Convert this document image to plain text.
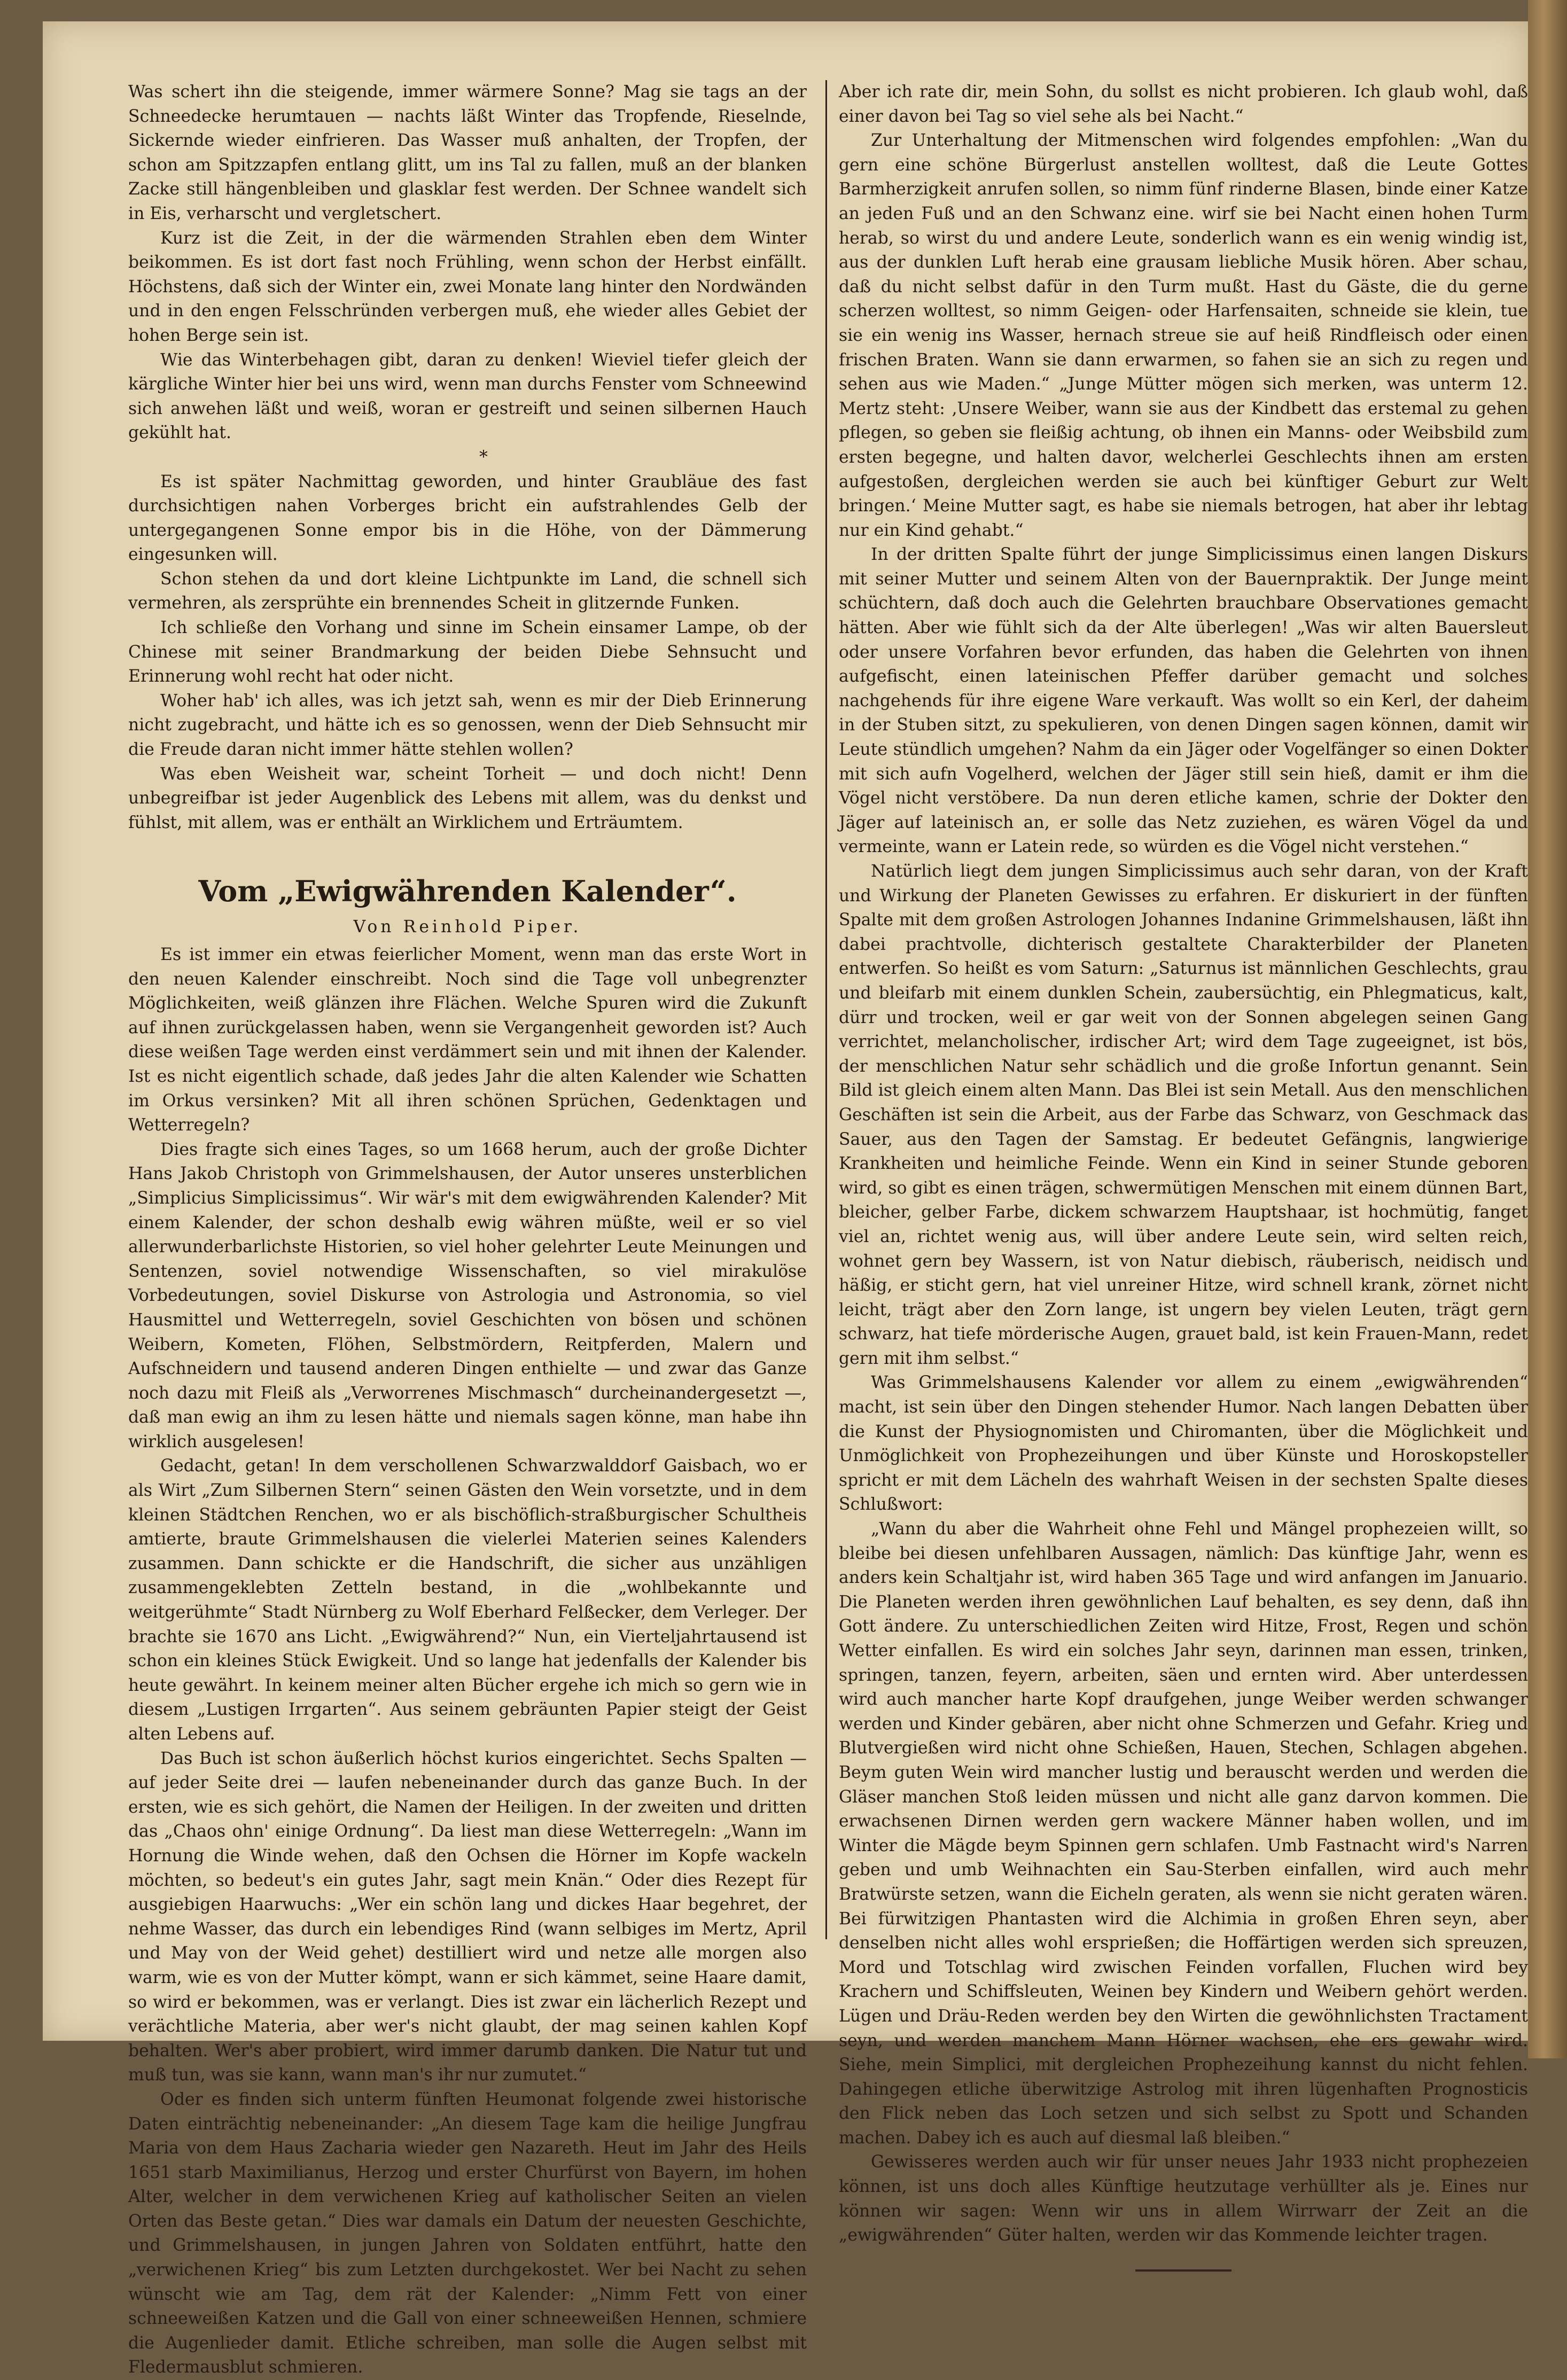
Was schert ihn die steigende, immer wärmere Sonne? Mag sie tags an der Schneedecke herumtauen — nachts läßt Winter das Tropfende, Rieselnde, Sickernde wieder einfrieren. Das Wasser muß anhalten, der Tropfen, der schon am Spitzzapfen entlang glitt, um ins Tal zu fallen, muß an der blanken Zacke still hängenbleiben und glasklar fest werden. Der Schnee wandelt sich in Eis, verharscht und vergletschert.

Kurz ist die Zeit, in der die wärmenden Strahlen eben dem Winter beikommen. Es ist dort fast noch Frühling, wenn schon der Herbst einfällt. Höchstens, daß sich der Winter ein, zwei Monate lang hinter den Nordwänden und in den engen Felsschründen verbergen muß, ehe wieder alles Gebiet der hohen Berge sein ist.

Wie das Winterbehagen gibt, daran zu denken! Wieviel tiefer gleich der kärgliche Winter hier bei uns wird, wenn man durchs Fenster vom Schneewind sich anwehen läßt und weiß, woran er gestreift und seinen silbernen Hauch gekühlt hat.

*

Es ist später Nachmittag geworden, und hinter Graubläue des fast durchsichtigen nahen Vorberges bricht ein aufstrahlendes Gelb der untergegangenen Sonne empor bis in die Höhe, von der Dämmerung eingesunken will.

Schon stehen da und dort kleine Lichtpunkte im Land, die schnell sich vermehren, als zersprühte ein brennendes Scheit in glitzernde Funken.

Ich schließe den Vorhang und sinne im Schein einsamer Lampe, ob der Chinese mit seiner Brandmarkung der beiden Diebe Sehnsucht und Erinnerung wohl recht hat oder nicht.

Woher hab' ich alles, was ich jetzt sah, wenn es mir der Dieb Erinnerung nicht zugebracht, und hätte ich es so genossen, wenn der Dieb Sehnsucht mir die Freude daran nicht immer hätte stehlen wollen?

Was eben Weisheit war, scheint Torheit — und doch nicht! Denn unbegreifbar ist jeder Augenblick des Lebens mit allem, was du denkst und fühlst, mit allem, was er enthält an Wirklichem und Erträumtem.

Vom „Ewigwährenden Kalender“.
Von Reinhold Piper.

Es ist immer ein etwas feierlicher Moment, wenn man das erste Wort in den neuen Kalender einschreibt. Noch sind die Tage voll unbegrenzter Möglichkeiten, weiß glänzen ihre Flächen. Welche Spuren wird die Zukunft auf ihnen zurückgelassen haben, wenn sie Vergangenheit geworden ist? Auch diese weißen Tage werden einst verdämmert sein und mit ihnen der Kalender. Ist es nicht eigentlich schade, daß jedes Jahr die alten Kalender wie Schatten im Orkus versinken? Mit all ihren schönen Sprüchen, Gedenktagen und Wetterregeln?

Dies fragte sich eines Tages, so um 1668 herum, auch der große Dichter Hans Jakob Christoph von Grimmelshausen, der Autor unseres unsterblichen „Simplicius Simplicissimus“. Wir wär's mit dem ewigwährenden Kalender? Mit einem Kalender, der schon deshalb ewig währen müßte, weil er so viel allerwunderbarlichste Historien, so viel hoher gelehrter Leute Meinungen und Sentenzen, soviel notwendige Wissenschaften, so viel mirakulöse Vorbedeutungen, soviel Diskurse von Astrologia und Astronomia, so viel Hausmittel und Wetterregeln, soviel Geschichten von bösen und schönen Weibern, Kometen, Flöhen, Selbstmördern, Reitpferden, Malern und Aufschneidern und tausend anderen Dingen enthielte — und zwar das Ganze noch dazu mit Fleiß als „Verworrenes Mischmasch“ durcheinandergesetzt —, daß man ewig an ihm zu lesen hätte und niemals sagen könne, man habe ihn wirklich ausgelesen!

Gedacht, getan! In dem verschollenen Schwarzwalddorf Gaisbach, wo er als Wirt „Zum Silbernen Stern“ seinen Gästen den Wein vorsetzte, und in dem kleinen Städtchen Renchen, wo er als bischöflich-straßburgischer Schultheis amtierte, braute Grimmelshausen die vielerlei Materien seines Kalenders zusammen. Dann schickte er die Handschrift, die sicher aus unzähligen zusammengeklebten Zetteln bestand, in die „wohlbekannte und weitgerühmte“ Stadt Nürnberg zu Wolf Eberhard Felßecker, dem Verleger. Der brachte sie 1670 ans Licht. „Ewigwährend?“ Nun, ein Vierteljahrtausend ist schon ein kleines Stück Ewigkeit. Und so lange hat jedenfalls der Kalender bis heute gewährt. In keinem meiner alten Bücher ergehe ich mich so gern wie in diesem „Lustigen Irrgarten“. Aus seinem gebräunten Papier steigt der Geist alten Lebens auf.

Das Buch ist schon äußerlich höchst kurios eingerichtet. Sechs Spalten — auf jeder Seite drei — laufen nebeneinander durch das ganze Buch. In der ersten, wie es sich gehört, die Namen der Heiligen. In der zweiten und dritten das „Chaos ohn' einige Ordnung“. Da liest man diese Wetterregeln: „Wann im Hornung die Winde wehen, daß den Ochsen die Hörner im Kopfe wackeln möchten, so bedeut's ein gutes Jahr, sagt mein Knän.“ Oder dies Rezept für ausgiebigen Haarwuchs: „Wer ein schön lang und dickes Haar begehret, der nehme Wasser, das durch ein lebendiges Rind (wann selbiges im Mertz, April und May von der Weid gehet) destilliert wird und netze alle morgen also warm, wie es von der Mutter kömpt, wann er sich kämmet, seine Haare damit, so wird er bekommen, was er verlangt. Dies ist zwar ein lächerlich Rezept und verächtliche Materia, aber wer's nicht glaubt, der mag seinen kahlen Kopf behalten. Wer's aber probiert, wird immer darumb danken. Die Natur tut und muß tun, was sie kann, wann man's ihr nur zumutet.“

Oder es finden sich unterm fünften Heumonat folgende zwei historische Daten einträchtig nebeneinander: „An diesem Tage kam die heilige Jungfrau Maria von dem Haus Zacharia wieder gen Nazareth. Heut im Jahr des Heils 1651 starb Maximilianus, Herzog und erster Churfürst von Bayern, im hohen Alter, welcher in dem verwichenen Krieg auf katholischer Seiten an vielen Orten das Beste getan.“ Dies war damals ein Datum der neuesten Geschichte, und Grimmelshausen, in jungen Jahren von Soldaten entführt, hatte den „verwichenen Krieg“ bis zum Letzten durchgekostet. Wer bei Nacht zu sehen wünscht wie am Tag, dem rät der Kalender: „Nimm Fett von einer schneeweißen Katzen und die Gall von einer schneeweißen Hennen, schmiere die Augenlieder damit. Etliche schreiben, man solle die Augen selbst mit Fledermausblut schmieren.

Aber ich rate dir, mein Sohn, du sollst es nicht probieren. Ich glaub wohl, daß einer davon bei Tag so viel sehe als bei Nacht.“

Zur Unterhaltung der Mitmenschen wird folgendes empfohlen: „Wan du gern eine schöne Bürgerlust anstellen wolltest, daß die Leute Gottes Barmherzigkeit anrufen sollen, so nimm fünf rinderne Blasen, binde einer Katze an jeden Fuß und an den Schwanz eine. wirf sie bei Nacht einen hohen Turm herab, so wirst du und andere Leute, sonderlich wann es ein wenig windig ist, aus der dunklen Luft herab eine grausam liebliche Musik hören. Aber schau, daß du nicht selbst dafür in den Turm mußt. Hast du Gäste, die du gerne scherzen wolltest, so nimm Geigen- oder Harfensaiten, schneide sie klein, tue sie ein wenig ins Wasser, hernach streue sie auf heiß Rindfleisch oder einen frischen Braten. Wann sie dann erwarmen, so fahen sie an sich zu regen und sehen aus wie Maden.“ „Junge Mütter mögen sich merken, was unterm 12. Mertz steht: ‚Unsere Weiber, wann sie aus der Kindbett das erstemal zu gehen pflegen, so geben sie fleißig achtung, ob ihnen ein Manns- oder Weibsbild zum ersten begegne, und halten davor, welcherlei Geschlechts ihnen am ersten aufgestoßen, dergleichen werden sie auch bei künftiger Geburt zur Welt bringen.‘ Meine Mutter sagt, es habe sie niemals betrogen, hat aber ihr lebtag nur ein Kind gehabt.“

In der dritten Spalte führt der junge Simplicissimus einen langen Diskurs mit seiner Mutter und seinem Alten von der Bauernpraktik. Der Junge meint schüchtern, daß doch auch die Gelehrten brauchbare Observationes gemacht hätten. Aber wie fühlt sich da der Alte überlegen! „Was wir alten Bauersleut oder unsere Vorfahren bevor erfunden, das haben die Gelehrten von ihnen aufgefischt, einen lateinischen Pfeffer darüber gemacht und solches nachgehends für ihre eigene Ware verkauft. Was wollt so ein Kerl, der daheim in der Stuben sitzt, zu spekulieren, von denen Dingen sagen können, damit wir Leute stündlich umgehen? Nahm da ein Jäger oder Vogelfänger so einen Dokter mit sich aufn Vogelherd, welchen der Jäger still sein hieß, damit er ihm die Vögel nicht verstöbere. Da nun deren etliche kamen, schrie der Dokter den Jäger auf lateinisch an, er solle das Netz zuziehen, es wären Vögel da und vermeinte, wann er Latein rede, so würden es die Vögel nicht verstehen.“

Natürlich liegt dem jungen Simplicissimus auch sehr daran, von der Kraft und Wirkung der Planeten Gewisses zu erfahren. Er diskuriert in der fünften Spalte mit dem großen Astrologen Johannes Indanine Grimmelshausen, läßt ihn dabei prachtvolle, dichterisch gestaltete Charakterbilder der Planeten entwerfen. So heißt es vom Saturn: „Saturnus ist männlichen Geschlechts, grau und bleifarb mit einem dunklen Schein, zaubersüchtig, ein Phlegmaticus, kalt, dürr und trocken, weil er gar weit von der Sonnen abgelegen seinen Gang verrichtet, melancholischer, irdischer Art; wird dem Tage zugeeignet, ist bös, der menschlichen Natur sehr schädlich und die große Infortun genannt. Sein Bild ist gleich einem alten Mann. Das Blei ist sein Metall. Aus den menschlichen Geschäften ist sein die Arbeit, aus der Farbe das Schwarz, von Geschmack das Sauer, aus den Tagen der Samstag. Er bedeutet Gefängnis, langwierige Krankheiten und heimliche Feinde. Wenn ein Kind in seiner Stunde geboren wird, so gibt es einen trägen, schwermütigen Menschen mit einem dünnen Bart, bleicher, gelber Farbe, dickem schwarzem Hauptshaar, ist hochmütig, fanget viel an, richtet wenig aus, will über andere Leute sein, wird selten reich, wohnet gern bey Wassern, ist von Natur diebisch, räuberisch, neidisch und häßig, er sticht gern, hat viel unreiner Hitze, wird schnell krank, zörnet nicht leicht, trägt aber den Zorn lange, ist ungern bey vielen Leuten, trägt gern schwarz, hat tiefe mörderische Augen, grauet bald, ist kein Frauen-Mann, redet gern mit ihm selbst.“

Was Grimmelshausens Kalender vor allem zu einem „ewigwährenden“ macht, ist sein über den Dingen stehender Humor. Nach langen Debatten über die Kunst der Physiognomisten und Chiromanten, über die Möglichkeit und Unmöglichkeit von Prophezeihungen und über Künste und Horoskopsteller spricht er mit dem Lächeln des wahrhaft Weisen in der sechsten Spalte dieses Schlußwort:

„Wann du aber die Wahrheit ohne Fehl und Mängel prophezeien willt, so bleibe bei diesen unfehlbaren Aussagen, nämlich: Das künftige Jahr, wenn es anders kein Schaltjahr ist, wird haben 365 Tage und wird anfangen im Januario. Die Planeten werden ihren gewöhnlichen Lauf behalten, es sey denn, daß ihn Gott ändere. Zu unterschiedlichen Zeiten wird Hitze, Frost, Regen und schön Wetter einfallen. Es wird ein solches Jahr seyn, darinnen man essen, trinken, springen, tanzen, feyern, arbeiten, säen und ernten wird. Aber unterdessen wird auch mancher harte Kopf draufgehen, junge Weiber werden schwanger werden und Kinder gebären, aber nicht ohne Schmerzen und Gefahr. Krieg und Blutvergießen wird nicht ohne Schießen, Hauen, Stechen, Schlagen abgehen. Beym guten Wein wird mancher lustig und berauscht werden und werden die Gläser manchen Stoß leiden müssen und nicht alle ganz darvon kommen. Die erwachsenen Dirnen werden gern wackere Männer haben wollen, und im Winter die Mägde beym Spinnen gern schlafen. Umb Fastnacht wird's Narren geben und umb Weihnachten ein Sau-Sterben einfallen, wird auch mehr Bratwürste setzen, wann die Eicheln geraten, als wenn sie nicht geraten wären. Bei fürwitzigen Phantasten wird die Alchimia in großen Ehren seyn, aber denselben nicht alles wohl ersprießen; die Hoffärtigen werden sich spreuzen, Mord und Totschlag wird zwischen Feinden vorfallen, Fluchen wird bey Krachern und Schiffsleuten, Weinen bey Kindern und Weibern gehört werden. Lügen und Dräu-Reden werden bey den Wirten die gewöhnlichsten Tractament seyn, und werden manchem Mann Hörner wachsen, ehe ers gewahr wird. Siehe, mein Simplici, mit dergleichen Prophezeihung kannst du nicht fehlen. Dahingegen etliche überwitzige Astrolog mit ihren lügenhaften Prognosticis den Flick neben das Loch setzen und sich selbst zu Spott und Schanden machen. Dabey ich es auch auf diesmal laß bleiben.“

Gewisseres werden auch wir für unser neues Jahr 1933 nicht prophezeien können, ist uns doch alles Künftige heutzutage verhüllter als je. Eines nur können wir sagen: Wenn wir uns in allem Wirrwarr der Zeit an die „ewigwährenden“ Güter halten, werden wir das Kommende leichter tragen.
